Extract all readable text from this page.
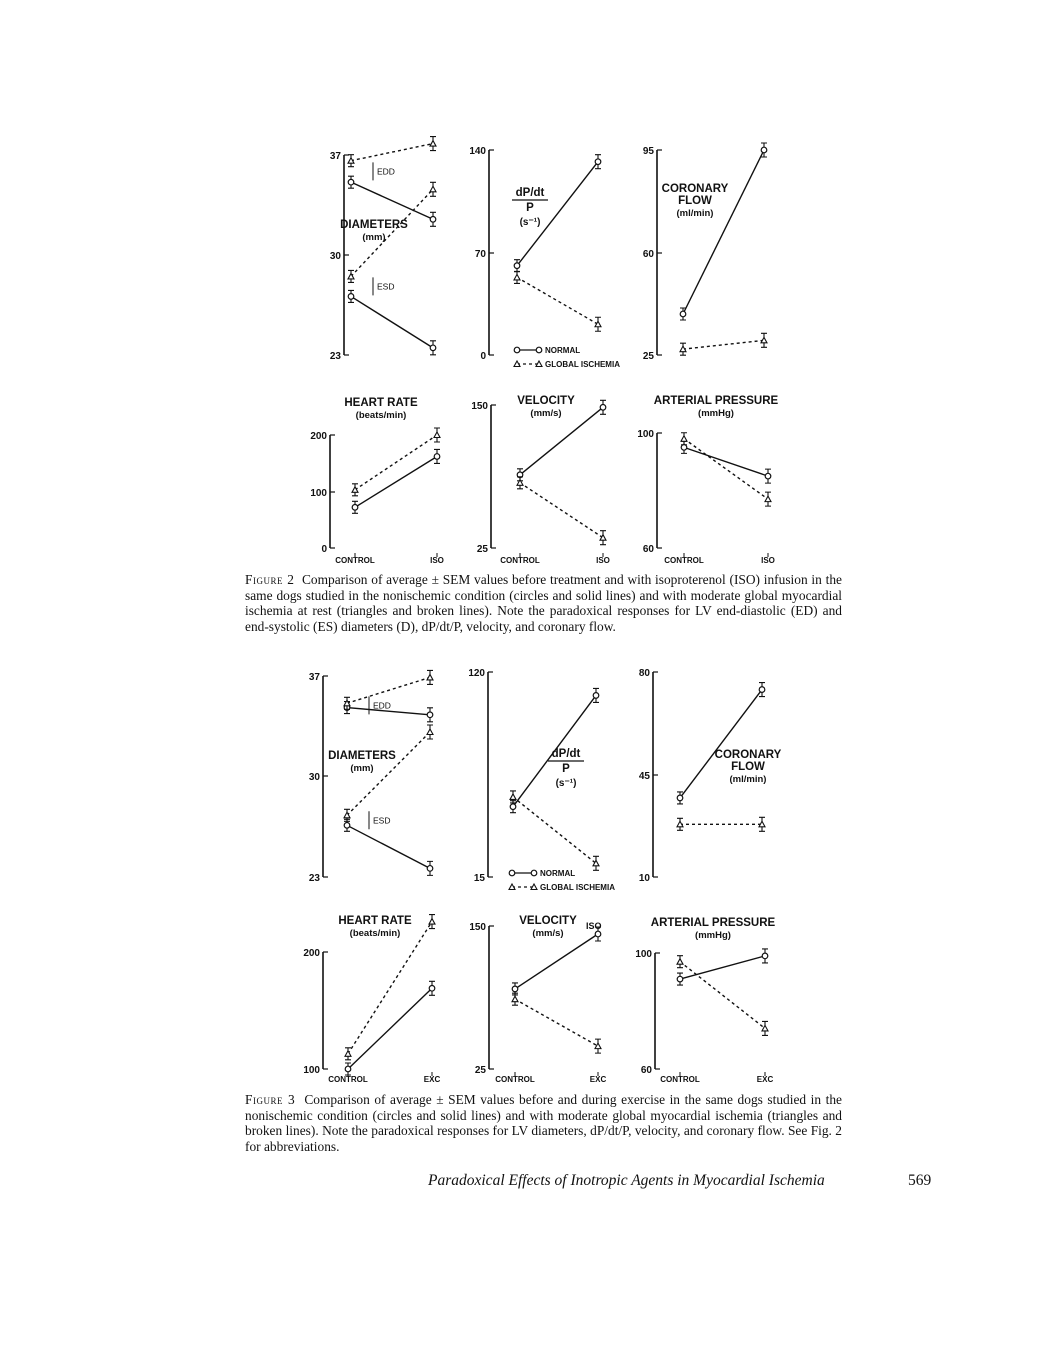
37
30
23
DIAMETERS
(mm)
EDD
ESD
140
70
0
dP/dt
P
(s⁻¹)
NORMAL
GLOBAL ISCHEMIA
95
60
25
CORONARY
FLOW
(ml/min)
200
100
0
HEART RATE
(beats/min)
CONTROL	ISO
150
25
VELOCITY
(mm/s)
CONTROL	ISO
100
60
ARTERIAL PRESSURE
(mmHg)
CONTROL	ISO
37
30
23
DIAMETERS
(mm)
EDD
ESD
120
15
dP/dt
P
(s⁻¹)
NORMAL
GLOBAL ISCHEMIA
80
45
10
CORONARY
FLOW
(ml/min)
200
100
HEART RATE
(beats/min)
CONTROL	EXC
150
25
VELOCITY ISO
(mm/s)
CONTROL	EXC
100
60
ARTERIAL PRESSURE
(mmHg)
CONTROL	EXC
Figure 2 Comparison of average ± SEM values before treatment and with isoproterenol (ISO) infusion in the same dogs studied in the nonischemic condition (circles and solid lines) and with moderate global myocardial ischemia at rest (triangles and broken lines). Note the paradoxical responses for LV end-diastolic (ED) and end-systolic (ES) diameters (D), dP/dt/P, velocity, and coronary flow.
Figure 3 Comparison of average ± SEM values before and during exercise in the same dogs studied in the nonischemic condition (circles and solid lines) and with moderate global myocardial ischemia (triangles and broken lines). Note the paradoxical responses for LV diameters, dP/dt/P, velocity, and coronary flow. See Fig. 2 for abbreviations.
Paradoxical Effects of Inotropic Agents in Myocardial Ischemia	569
